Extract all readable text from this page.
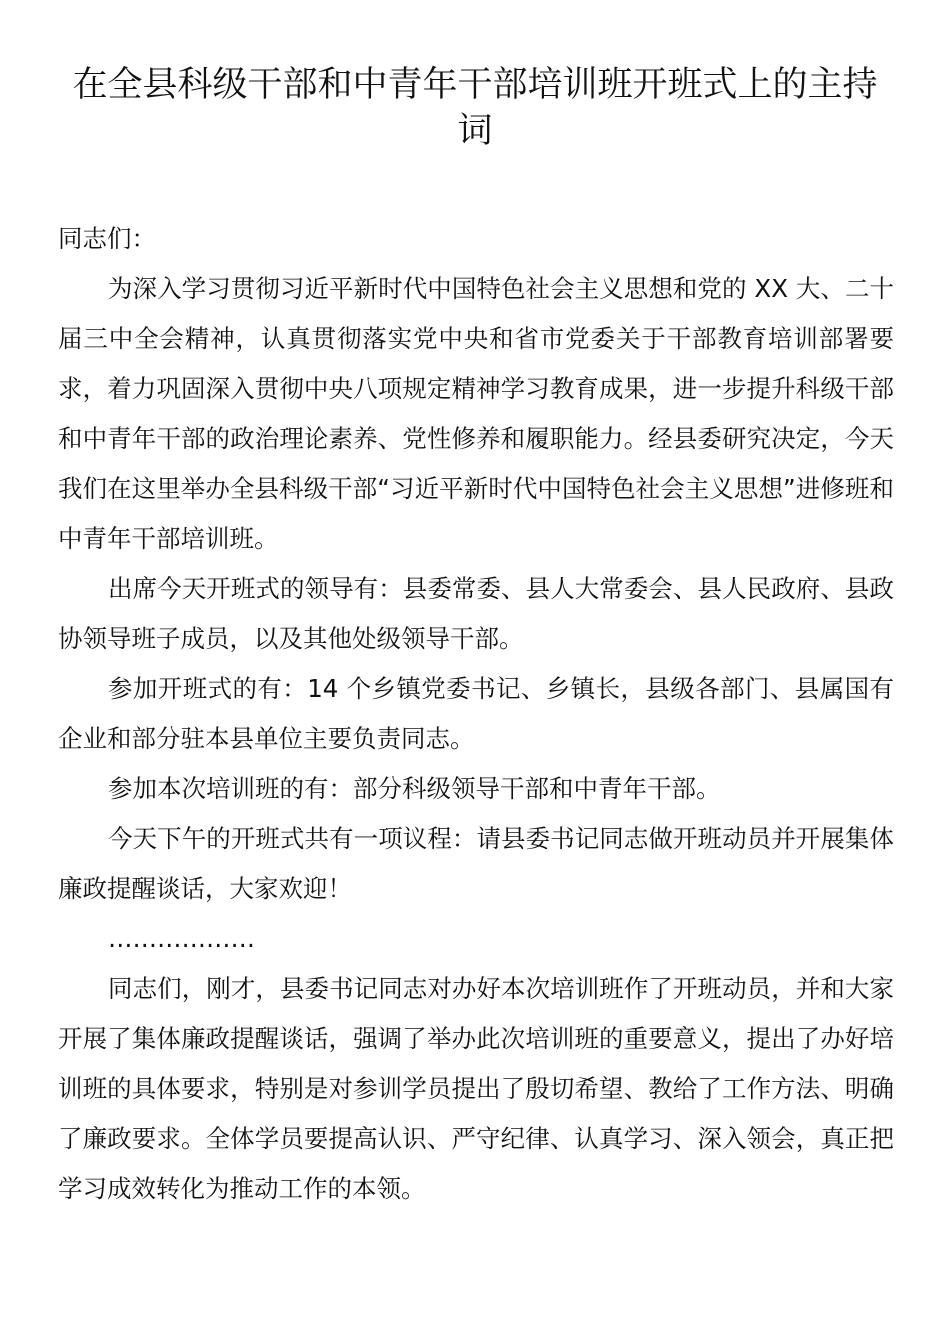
在全县科级干部和中青年干部培训班开班式上的主持词

同志们：

为深入学习贯彻习近平新时代中国特色社会主义思想和党的 XX 大、二十届三中全会精神，认真贯彻落实党中央和省市党委关于干部教育培训部署要求，着力巩固深入贯彻中央八项规定精神学习教育成果，进一步提升科级干部和中青年干部的政治理论素养、党性修养和履职能力。经县委研究决定，今天我们在这里举办全县科级干部“习近平新时代中国特色社会主义思想”进修班和中青年干部培训班。

出席今天开班式的领导有：县委常委、县人大常委会、县人民政府、县政协领导班子成员，以及其他处级领导干部。

参加开班式的有：14 个乡镇党委书记、乡镇长，县级各部门、县属国有企业和部分驻本县单位主要负责同志。

参加本次培训班的有：部分科级领导干部和中青年干部。

今天下午的开班式共有一项议程：请县委书记同志做开班动员并开展集体廉政提醒谈话，大家欢迎！

………………

同志们，刚才，县委书记同志对办好本次培训班作了开班动员，并和大家开展了集体廉政提醒谈话，强调了举办此次培训班的重要意义，提出了办好培训班的具体要求，特别是对参训学员提出了殷切希望、教给了工作方法、明确了廉政要求。全体学员要提高认识、严守纪律、认真学习、深入领会，真正把学习成效转化为推动工作的本领。
